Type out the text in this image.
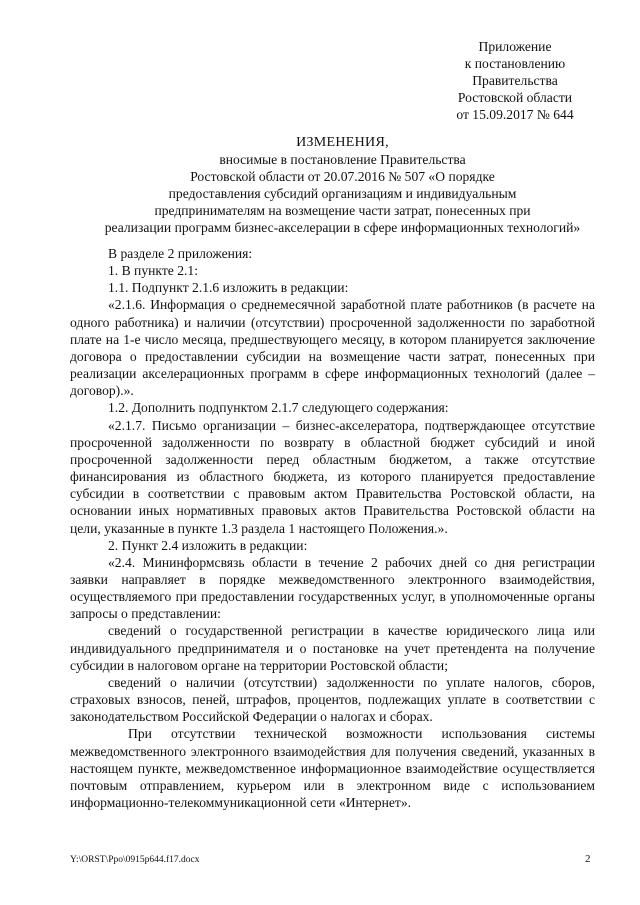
Приложение
к постановлению
Правительства
Ростовской области
от 15.09.2017 № 644
ИЗМЕНЕНИЯ,
вносимые в постановление Правительства
Ростовской области от 20.07.2016 № 507 «О порядке
предоставления субсидий организациям и индивидуальным
предпринимателям на возмещение части затрат, понесенных при
реализации программ бизнес-акселерации в сфере информационных технологий»

В разделе 2 приложения:

1. В пункте 2.1:

1.1. Подпункт 2.1.6 изложить в редакции:

«2.1.6. Информация о среднемесячной заработной плате работников (в расчете на одного работника) и наличии (отсутствии) просроченной задолженности по заработной плате на 1-е число месяца, предшествующего месяцу, в котором планируется заключение договора о предоставлении субсидии на возмещение части затрат, понесенных при реализации акселерационных программ в сфере информационных технологий (далее – договор).».

1.2. Дополнить подпунктом 2.1.7 следующего содержания:

«2.1.7. Письмо организации – бизнес-акселератора, подтверждающее отсутствие просроченной задолженности по возврату в областной бюджет субсидий и иной просроченной задолженности перед областным бюджетом, а также отсутствие финансирования из областного бюджета, из которого планируется предоставление субсидии в соответствии с правовым актом Правительства Ростовской области, на основании иных нормативных правовых актов Правительства Ростовской области на цели, указанные в пункте 1.3 раздела 1 настоящего Положения.».

2. Пункт 2.4 изложить в редакции:

«2.4. Мининформсвязь области в течение 2 рабочих дней со дня регистрации заявки направляет в порядке межведомственного электронного взаимодействия, осуществляемого при предоставлении государственных услуг, в уполномоченные органы запросы о представлении:

сведений о государственной регистрации в качестве юридического лица или индивидуального предпринимателя и о постановке на учет претендента на получение субсидии в налоговом органе на территории Ростовской области;

сведений о наличии (отсутствии) задолженности по уплате налогов, сборов, страховых взносов, пеней, штрафов, процентов, подлежащих уплате в соответствии с законодательством Российской Федерации о налогах и сборах.

При отсутствии технической возможности использования системы межведомственного электронного взаимодействия для получения сведений, указанных в настоящем пункте, межведомственное информационное взаимодействие осуществляется почтовым отправлением, курьером или в электронном виде с использованием информационно-телекоммуникационной сети «Интернет».

Y:\ORST\Ppo\0915p644.f17.docx	2
